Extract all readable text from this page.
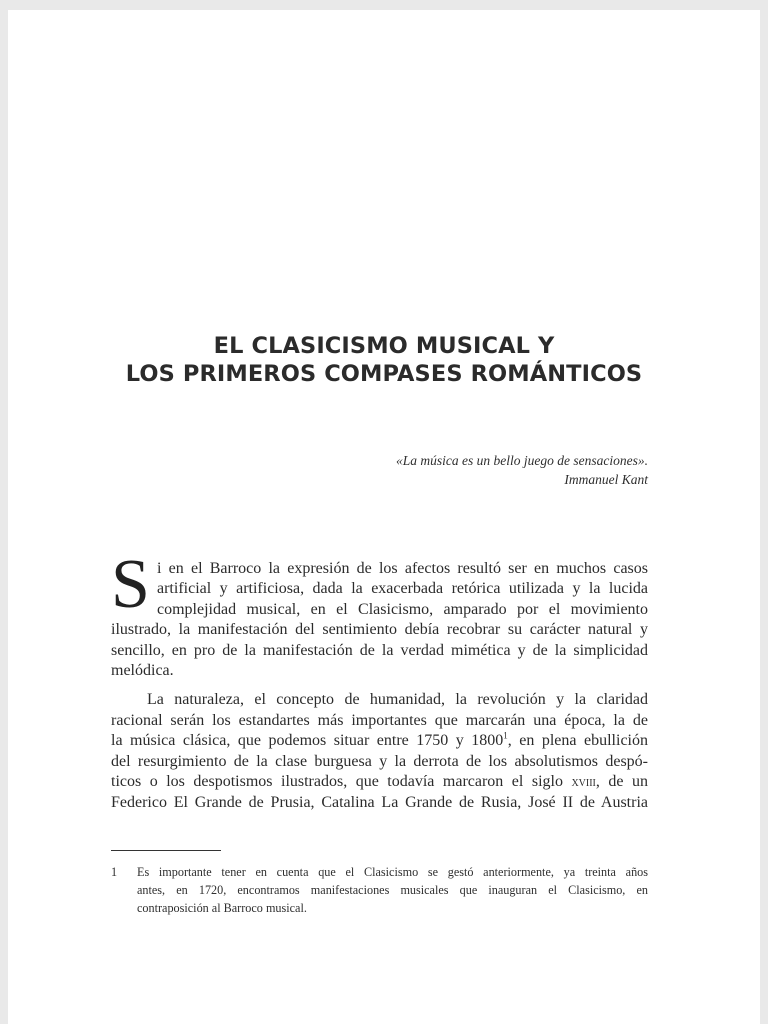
EL CLASICISMO MUSICAL Y
LOS PRIMEROS COMPASES ROMÁNTICOS
«La música es un bello juego de sensaciones».
Immanuel Kant
S i en el Barroco la expresión de los afectos resultó ser en muchos casos
artificial y artificiosa, dada la exacerbada retórica utilizada y la lucida
complejidad musical, en el Clasicismo, amparado por el movimiento
ilustrado, la manifestación del sentimiento debía recobrar su carácter natural y
sencillo, en pro de la manifestación de la verdad mimética y de la simplicidad
melódica.
La naturaleza, el concepto de humanidad, la revolución y la claridad
racional serán los estandartes más importantes que marcarán una época, la de
la música clásica, que podemos situar entre 1750 y 1800$^1$, en plena ebullición
del resurgimiento de la clase burguesa y la derrota de los absolutismos despó-
ticos o los despotismos ilustrados, que todavía marcaron el siglo xviii, de un
Federico El Grande de Prusia, Catalina La Grande de Rusia, José II de Austria
1 Es importante tener en cuenta que el Clasicismo se gestó anteriormente, ya treinta años
antes, en 1720, encontramos manifestaciones musicales que inauguran el Clasicismo, en
contraposición al Barroco musical.
